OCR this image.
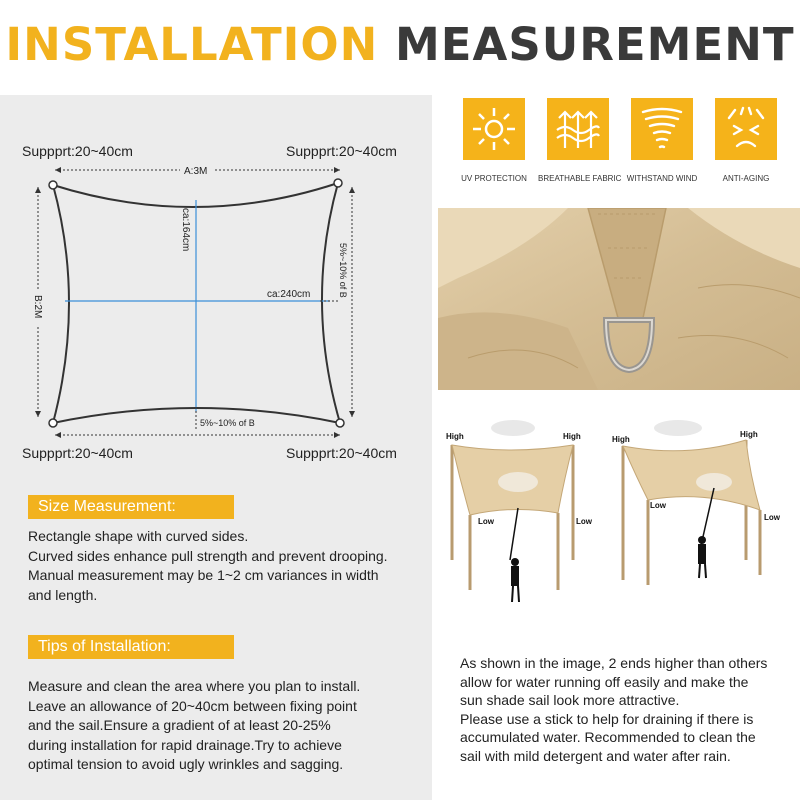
INSTALLATION MEASUREMENT
Suppprt:20~40cm	Suppprt:20~40cm
Suppprt:20~40cm	Suppprt:20~40cm
A:3M
B:2M
ca:164cm
ca:240cm	5%~10% of B
5%~10% of B
Size Measurement:
Rectangle shape with curved sides.
Curved sides enhance pull strength and prevent drooping.
Manual measurement may be 1~2 cm variances in width
and length.
Tips of Installation:
Measure and clean the area where you plan to install.
Leave an allowance of 20~40cm between fixing point
and the sail.Ensure a gradient of at least 20-25%
during installation for rapid drainage.Try to achieve
optimal tension to avoid ugly wrinkles and sagging.
UV PROTECTION	BREATHABLE FABRIC WITHSTAND WIND	ANTI-AGING
High	High
Low	Low
High
High
Low
Low
As shown in the image, 2 ends higher than others
allow for water running off easily and make the
sun shade sail look more attractive.
Please use a stick to help for draining if there is
accumulated water. Recommended to clean the
sail with mild detergent and water after rain.
